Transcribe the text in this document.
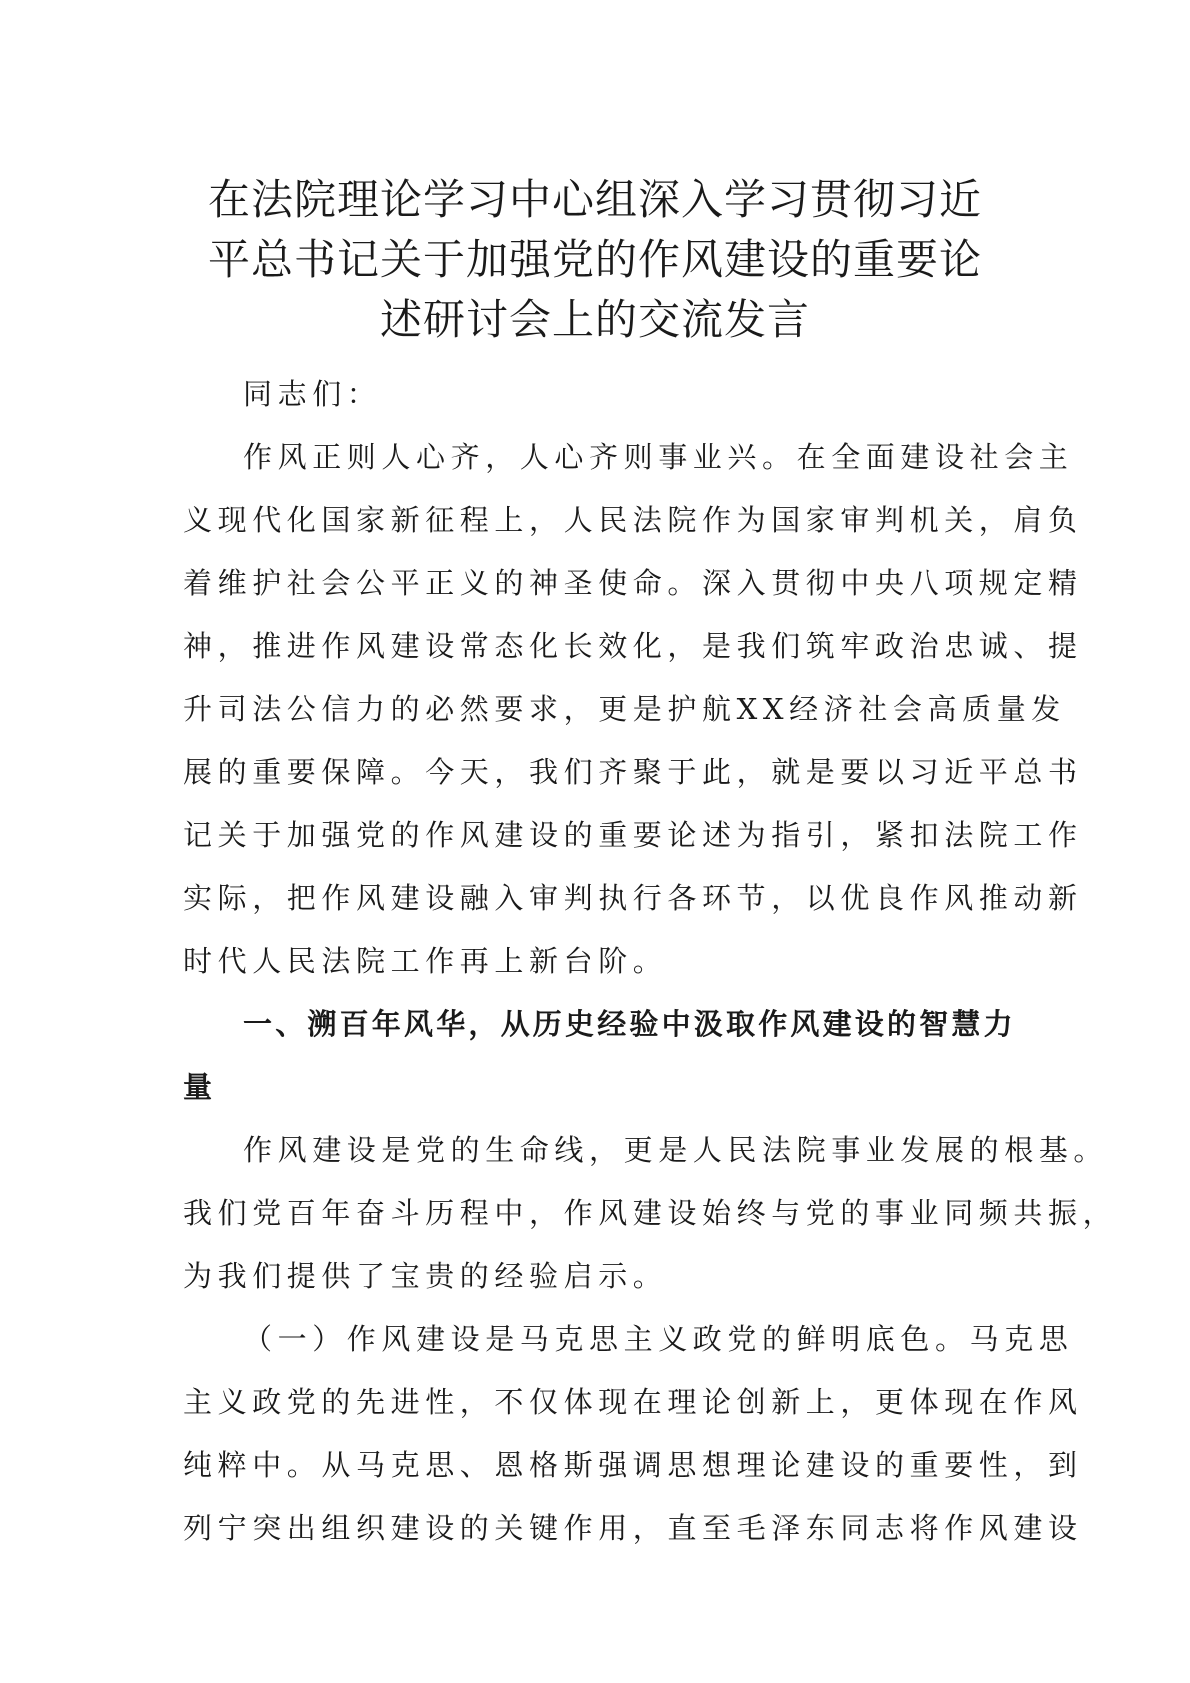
在法院理论学习中心组深入学习贯彻习近
平总书记关于加强党的作风建设的重要论
述研讨会上的交流发言

同志们：

作风正则人心齐，人心齐则事业兴。在全面建设社会主
义现代化国家新征程上，人民法院作为国家审判机关，肩负
着维护社会公平正义的神圣使命。深入贯彻中央八项规定精
神，推进作风建设常态化长效化，是我们筑牢政治忠诚、提
升司法公信力的必然要求，更是护航XX经济社会高质量发
展的重要保障。今天，我们齐聚于此，就是要以习近平总书
记关于加强党的作风建设的重要论述为指引，紧扣法院工作
实际，把作风建设融入审判执行各环节，以优良作风推动新
时代人民法院工作再上新台阶。

一、溯百年风华，从历史经验中汲取作风建设的智慧力
量

作风建设是党的生命线，更是人民法院事业发展的根基。
我们党百年奋斗历程中，作风建设始终与党的事业同频共振，
为我们提供了宝贵的经验启示。

（一）作风建设是马克思主义政党的鲜明底色。马克思
主义政党的先进性，不仅体现在理论创新上，更体现在作风
纯粹中。从马克思、恩格斯强调思想理论建设的重要性，到
列宁突出组织建设的关键作用，直至毛泽东同志将作风建设
